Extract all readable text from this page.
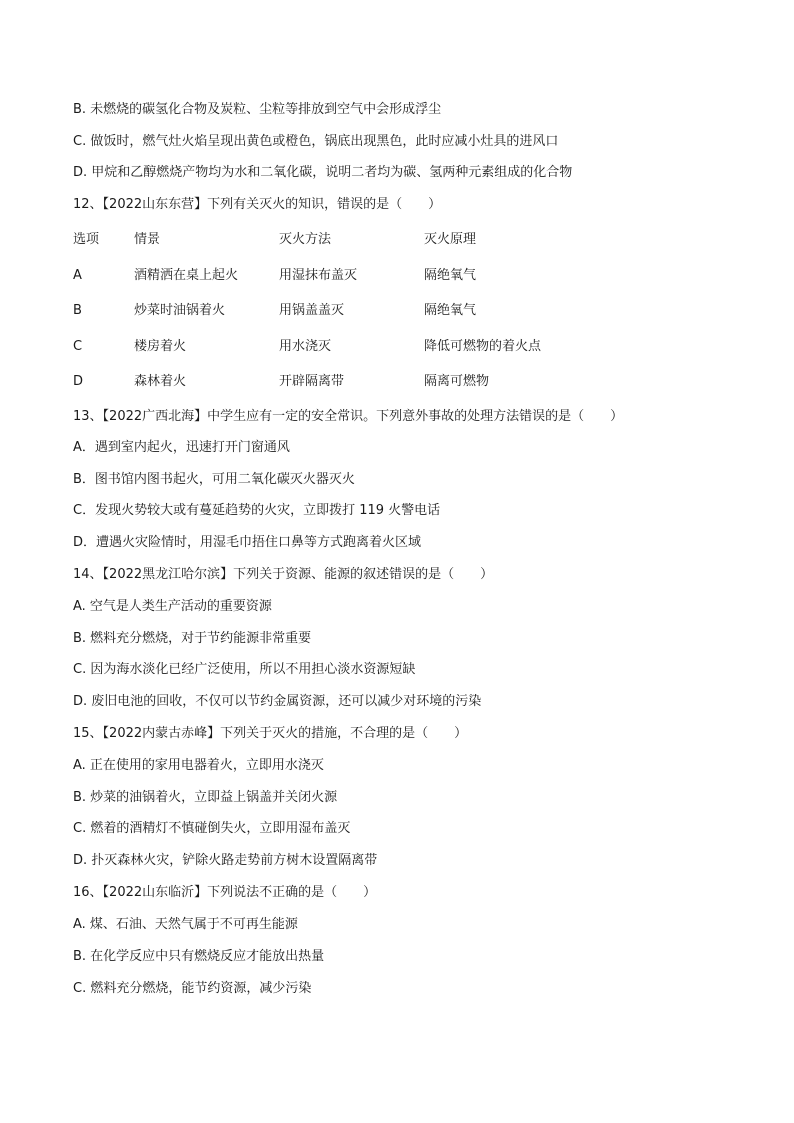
B. 未燃烧的碳氢化合物及炭粒、尘粒等排放到空气中会形成浮尘
C. 做饭时，燃气灶火焰呈现出黄色或橙色，锅底出现黑色，此时应减小灶具的进风口
D. 甲烷和乙醇燃烧产物均为水和二氧化碳，说明二者均为碳、氢两种元素组成的化合物
12、【2022山东东营】下列有关灭火的知识，错误的是（　　）
选项	情景	灭火方法	灭火原理
A	酒精洒在桌上起火	用湿抹布盖灭	隔绝氧气
B	炒菜时油锅着火	用锅盖盖灭	隔绝氧气
C	楼房着火	用水浇灭	降低可燃物的着火点
D	森林着火	开辟隔离带	隔离可燃物
13、【2022广西北海】中学生应有一定的安全常识。下列意外事故的处理方法错误的是（　　）
A．遇到室内起火，迅速打开门窗通风
B．图书馆内图书起火，可用二氧化碳灭火器灭火
C．发现火势较大或有蔓延趋势的火灾，立即拨打 119 火警电话
D．遭遇火灾险情时，用湿毛巾捂住口鼻等方式跑离着火区域
14、【2022黑龙江哈尔滨】下列关于资源、能源的叙述错误的是（　　）
A. 空气是人类生产活动的重要资源
B. 燃料充分燃烧，对于节约能源非常重要
C. 因为海水淡化已经广泛使用，所以不用担心淡水资源短缺
D. 废旧电池的回收，不仅可以节约金属资源，还可以减少对环境的污染
15、【2022内蒙古赤峰】下列关于灭火的措施，不合理的是（　　）
A. 正在使用的家用电器着火，立即用水浇灭
B. 炒菜的油锅着火，立即益上锅盖并关闭火源
C. 燃着的酒精灯不慎碰倒失火，立即用湿布盖灭
D. 扑灭森林火灾，铲除火路走势前方树木设置隔离带
16、【2022山东临沂】下列说法不正确的是（　　）
A. 煤、石油、天然气属于不可再生能源
B. 在化学反应中只有燃烧反应才能放出热量
C. 燃料充分燃烧，能节约资源，减少污染
